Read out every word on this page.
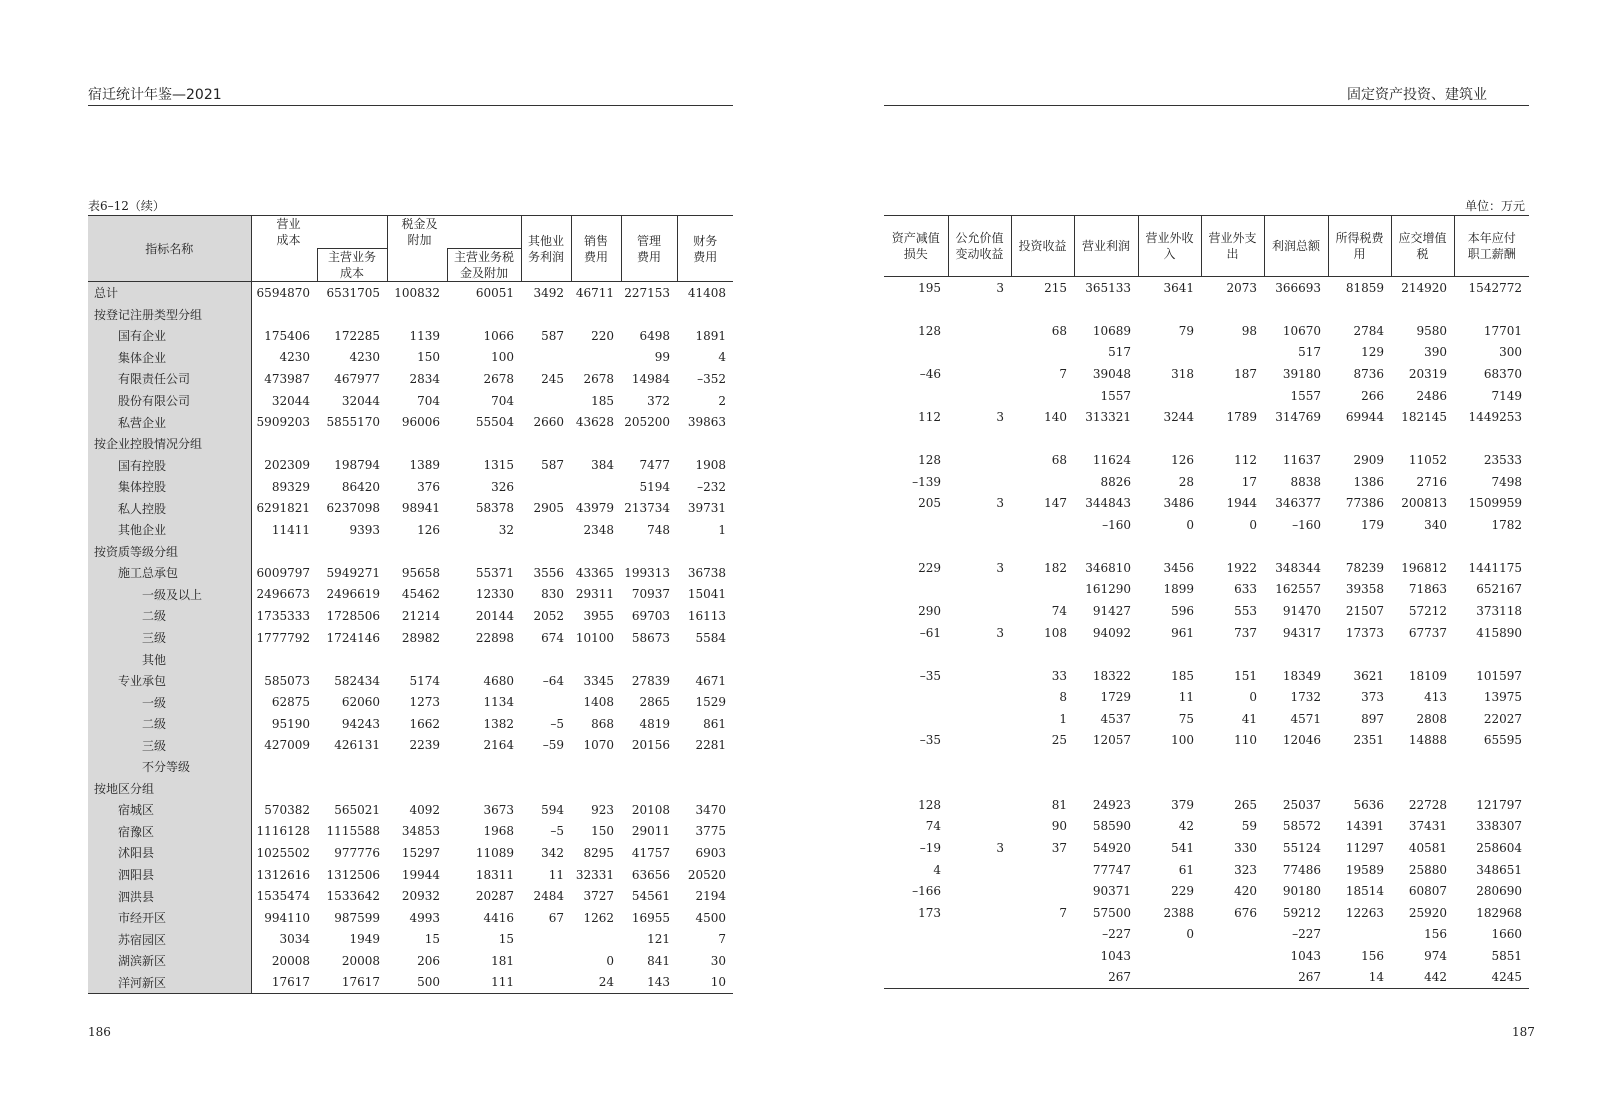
宿迁统计年鉴—2021	固定资产投资、建筑业
表6–12（续）	单位：万元
指标名称	营业成本		税金及附加		其他业务利润	销售费用	管理费用	财务费用
		主营业务成本		主营业务税金及附加				
总计	6594870	6531705	100832	60051	3492	46711	227153	41408
按登记注册类型分组								
国有企业	175406	172285	1139	1066	587	220	6498	1891
集体企业	4230	4230	150	100			99	4
有限责任公司	473987	467977	2834	2678	245	2678	14984	–352
股份有限公司	32044	32044	704	704		185	372	2
私营企业	5909203	5855170	96006	55504	2660	43628	205200	39863
按企业控股情况分组								
国有控股	202309	198794	1389	1315	587	384	7477	1908
集体控股	89329	86420	376	326			5194	–232
私人控股	6291821	6237098	98941	58378	2905	43979	213734	39731
其他企业	11411	9393	126	32		2348	748	1
按资质等级分组								
施工总承包	6009797	5949271	95658	55371	3556	43365	199313	36738
一级及以上	2496673	2496619	45462	12330	830	29311	70937	15041
二级	1735333	1728506	21214	20144	2052	3955	69703	16113
三级	1777792	1724146	28982	22898	674	10100	58673	5584
其他								
专业承包	585073	582434	5174	4680	–64	3345	27839	4671
一级	62875	62060	1273	1134		1408	2865	1529
二级	95190	94243	1662	1382	–5	868	4819	861
三级	427009	426131	2239	2164	–59	1070	20156	2281
不分等级								
按地区分组								
宿城区	570382	565021	4092	3673	594	923	20108	3470
宿豫区	1116128	1115588	34853	1968	–5	150	29011	3775
沭阳县	1025502	977776	15297	11089	342	8295	41757	6903
泗阳县	1312616	1312506	19944	18311	11	32331	63656	20520
泗洪县	1535474	1533642	20932	20287	2484	3727	54561	2194
市经开区	994110	987599	4993	4416	67	1262	16955	4500
苏宿园区	3034	1949	15	15			121	7
湖滨新区	20008	20008	206	181		0	841	30
洋河新区	17617	17617	500	111		24	143	10
资产减值损失	公允价值变动收益	投资收益	营业利润	营业外收入	营业外支出	利润总额	所得税费用	应交增值税	本年应付职工薪酬
195	3	215	365133	3641	2073	366693	81859	214920	1542772

128		68	10689	79	98	10670	2784	9580	17701
			517			517	129	390	300
–46		7	39048	318	187	39180	8736	20319	68370
			1557			1557	266	2486	7149
112	3	140	313321	3244	1789	314769	69944	182145	1449253

128		68	11624	126	112	11637	2909	11052	23533
–139			8826	28	17	8838	1386	2716	7498
205	3	147	344843	3486	1944	346377	77386	200813	1509959
			–160	0	0	–160	179	340	1782

229	3	182	346810	3456	1922	348344	78239	196812	1441175
			161290	1899	633	162557	39358	71863	652167
290		74	91427	596	553	91470	21507	57212	373118
–61	3	108	94092	961	737	94317	17373	67737	415890

–35		33	18322	185	151	18349	3621	18109	101597
		8	1729	11	0	1732	373	413	13975
		1	4537	75	41	4571	897	2808	22027
–35		25	12057	100	110	12046	2351	14888	65595

128		81	24923	379	265	25037	5636	22728	121797
74		90	58590	42	59	58572	14391	37431	338307
–19	3	37	54920	541	330	55124	11297	40581	258604
4			77747	61	323	77486	19589	25880	348651
–166			90371	229	420	90180	18514	60807	280690
173		7	57500	2388	676	59212	12263	25920	182968
			–227	0		–227		156	1660
			1043			1043	156	974	5851
			267			267	14	442	4245
186	187
